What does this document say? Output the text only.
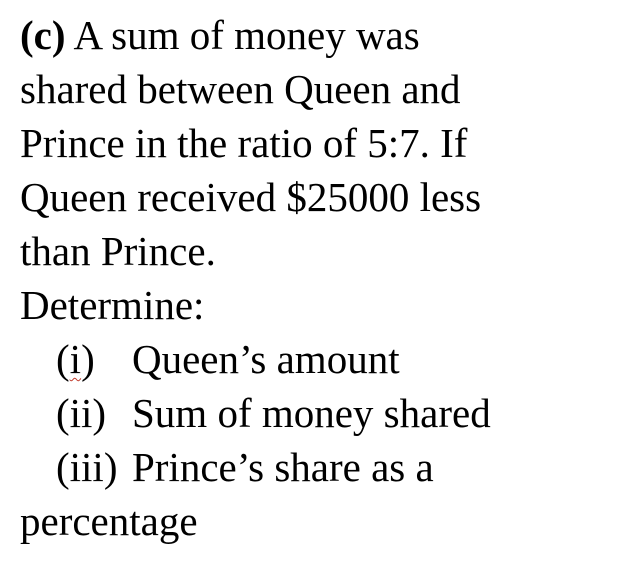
(c) A sum of money was
shared between Queen and
Prince in the ratio of 5:7. If
Queen received $25000 less
than Prince.
Determine:
(i) Queen’s amount
(ii) Sum of money shared
(iii) Prince’s share as a
percentage
